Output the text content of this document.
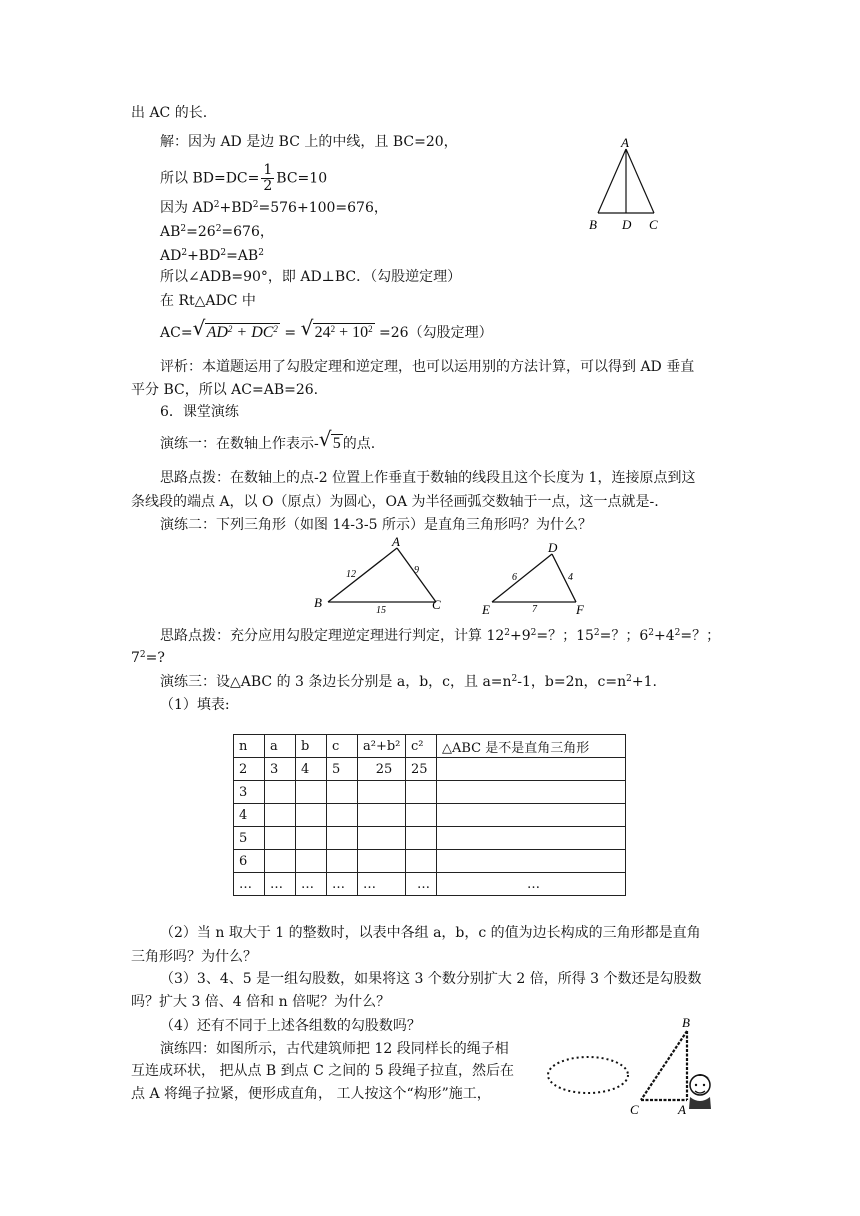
出 AC 的长.
解：因为 AD 是边 BC 上的中线，且 BC=20，
所以 $BD=DC= \frac{1}{2} BC=10$
因为 $AD^2+BD^2=576+100=676$，
$AB^2=26^2=676$，
$AD^2+BD^2=AB^2$
所以∠ADB=90°，即 AD⊥BC．（勾股逆定理）
在 Rt△ADC 中
AC= √ $AD^2 + DC^2$ = √ $24^2 + 10^2 =26$（勾股定理）
评析：本道题运用了勾股定理和逆定理，也可以运用别的方法计算，可以得到 AD 垂直
平分 BC，所以 AC=AB=26.
6．课堂演练
演练一：在数轴上作表示- √ 5 的点.
思路点拨：在数轴上的点-2 位置上作垂直于数轴的线段且这个长度为 1，连接原点到这
条线段的端点 A，以 O（原点）为圆心，OA 为半径画弧交数轴于一点，这一点就是-.
演练二：下列三角形（如图 14-3-5 所示）是直角三角形吗？为什么？
思路点拨：充分应用勾股定理逆定理进行判定，计算 $12^2+9^2=$？；$15^2=$？；$6^2+4^2=$？；
$7^2=$?
演练三：设△ABC 的 3 条边长分别是 a，b，c，且 $a=n^2-1$，b=2n，$c=n^2+1$.
（1）填表:
n	a	b	c	a²+b²	c²	△ABC 是不是直角三角形
2	3	4	5	25	25	
3						
4						
5						
6						
…	…	…	…	…	…	…
（2）当 n 取大于 1 的整数时，以表中各组 a，b，c 的值为边长构成的三角形都是直角
三角形吗？为什么？
（3）3、4、5 是一组勾股数，如果将这 3 个数分别扩大 2 倍，所得 3 个数还是勾股数
吗？扩大 3 倍、4 倍和 n 倍呢？为什么？
（4）还有不同于上述各组数的勾股数吗？
演练四：如图所示，古代建筑师把 12 段同样长的绳子相
互连成环状， 把从点 B 到点 C 之间的 5 段绳子拉直，然后在
点 A 将绳子拉紧，便形成直角， 工人按这个“构形”施工，
A
B D C
A
B	C
12	9
15
D
E	F
6	4
7
B
C	A
